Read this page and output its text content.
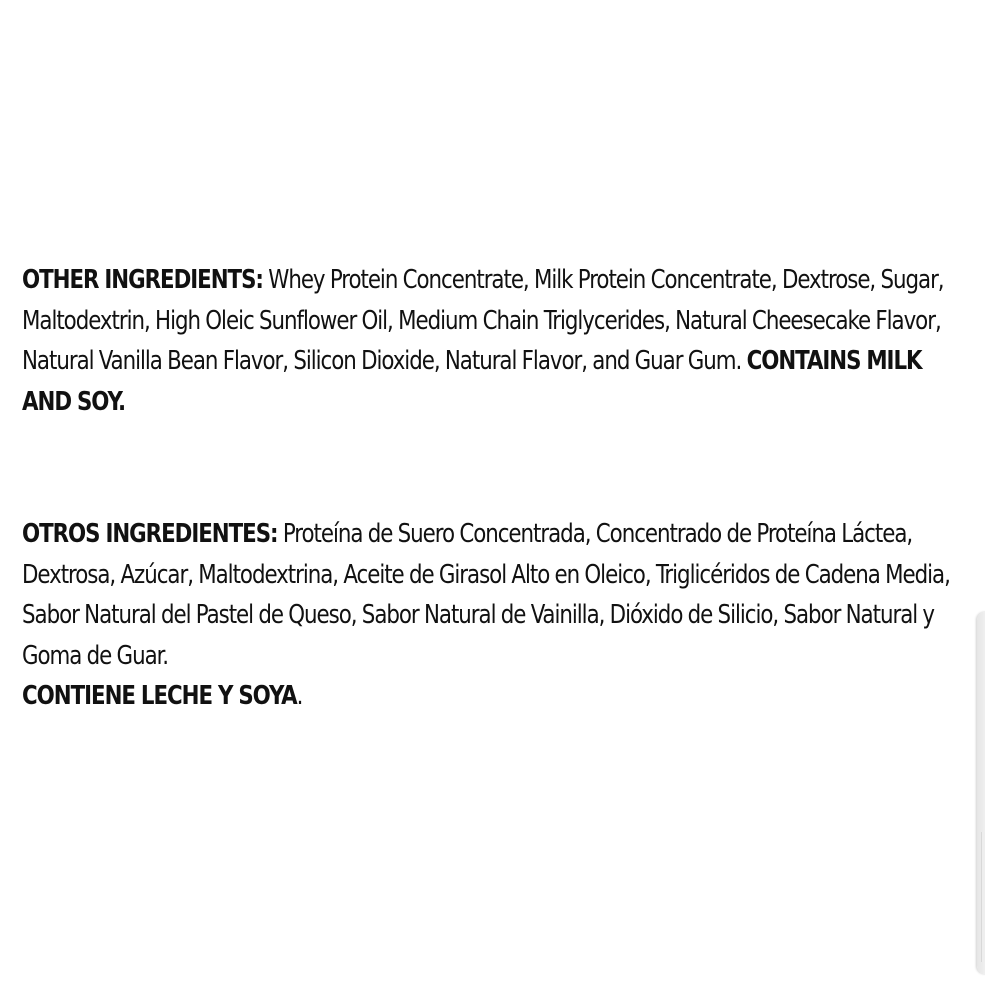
OTHER INGREDIENTS: Whey Protein Concentrate, Milk Protein Concentrate, Dextrose, Sugar, Maltodextrin, High Oleic Sunflower Oil, Medium Chain Triglycerides, Natural Cheesecake Flavor, Natural Vanilla Bean Flavor, Silicon Dioxide, Natural Flavor, and Guar Gum. CONTAINS MILK AND SOY.

OTROS INGREDIENTES: Proteína de Suero Concentrada, Concentrado de Proteína Láctea, Dextrosa, Azúcar, Maltodextrina, Aceite de Girasol Alto en Oleico, Triglicéridos de Cadena Media, Sabor Natural del Pastel de Queso, Sabor Natural de Vainilla, Dióxido de Silicio, Sabor Natural y Goma de Guar.
CONTIENE LECHE Y SOYA.
